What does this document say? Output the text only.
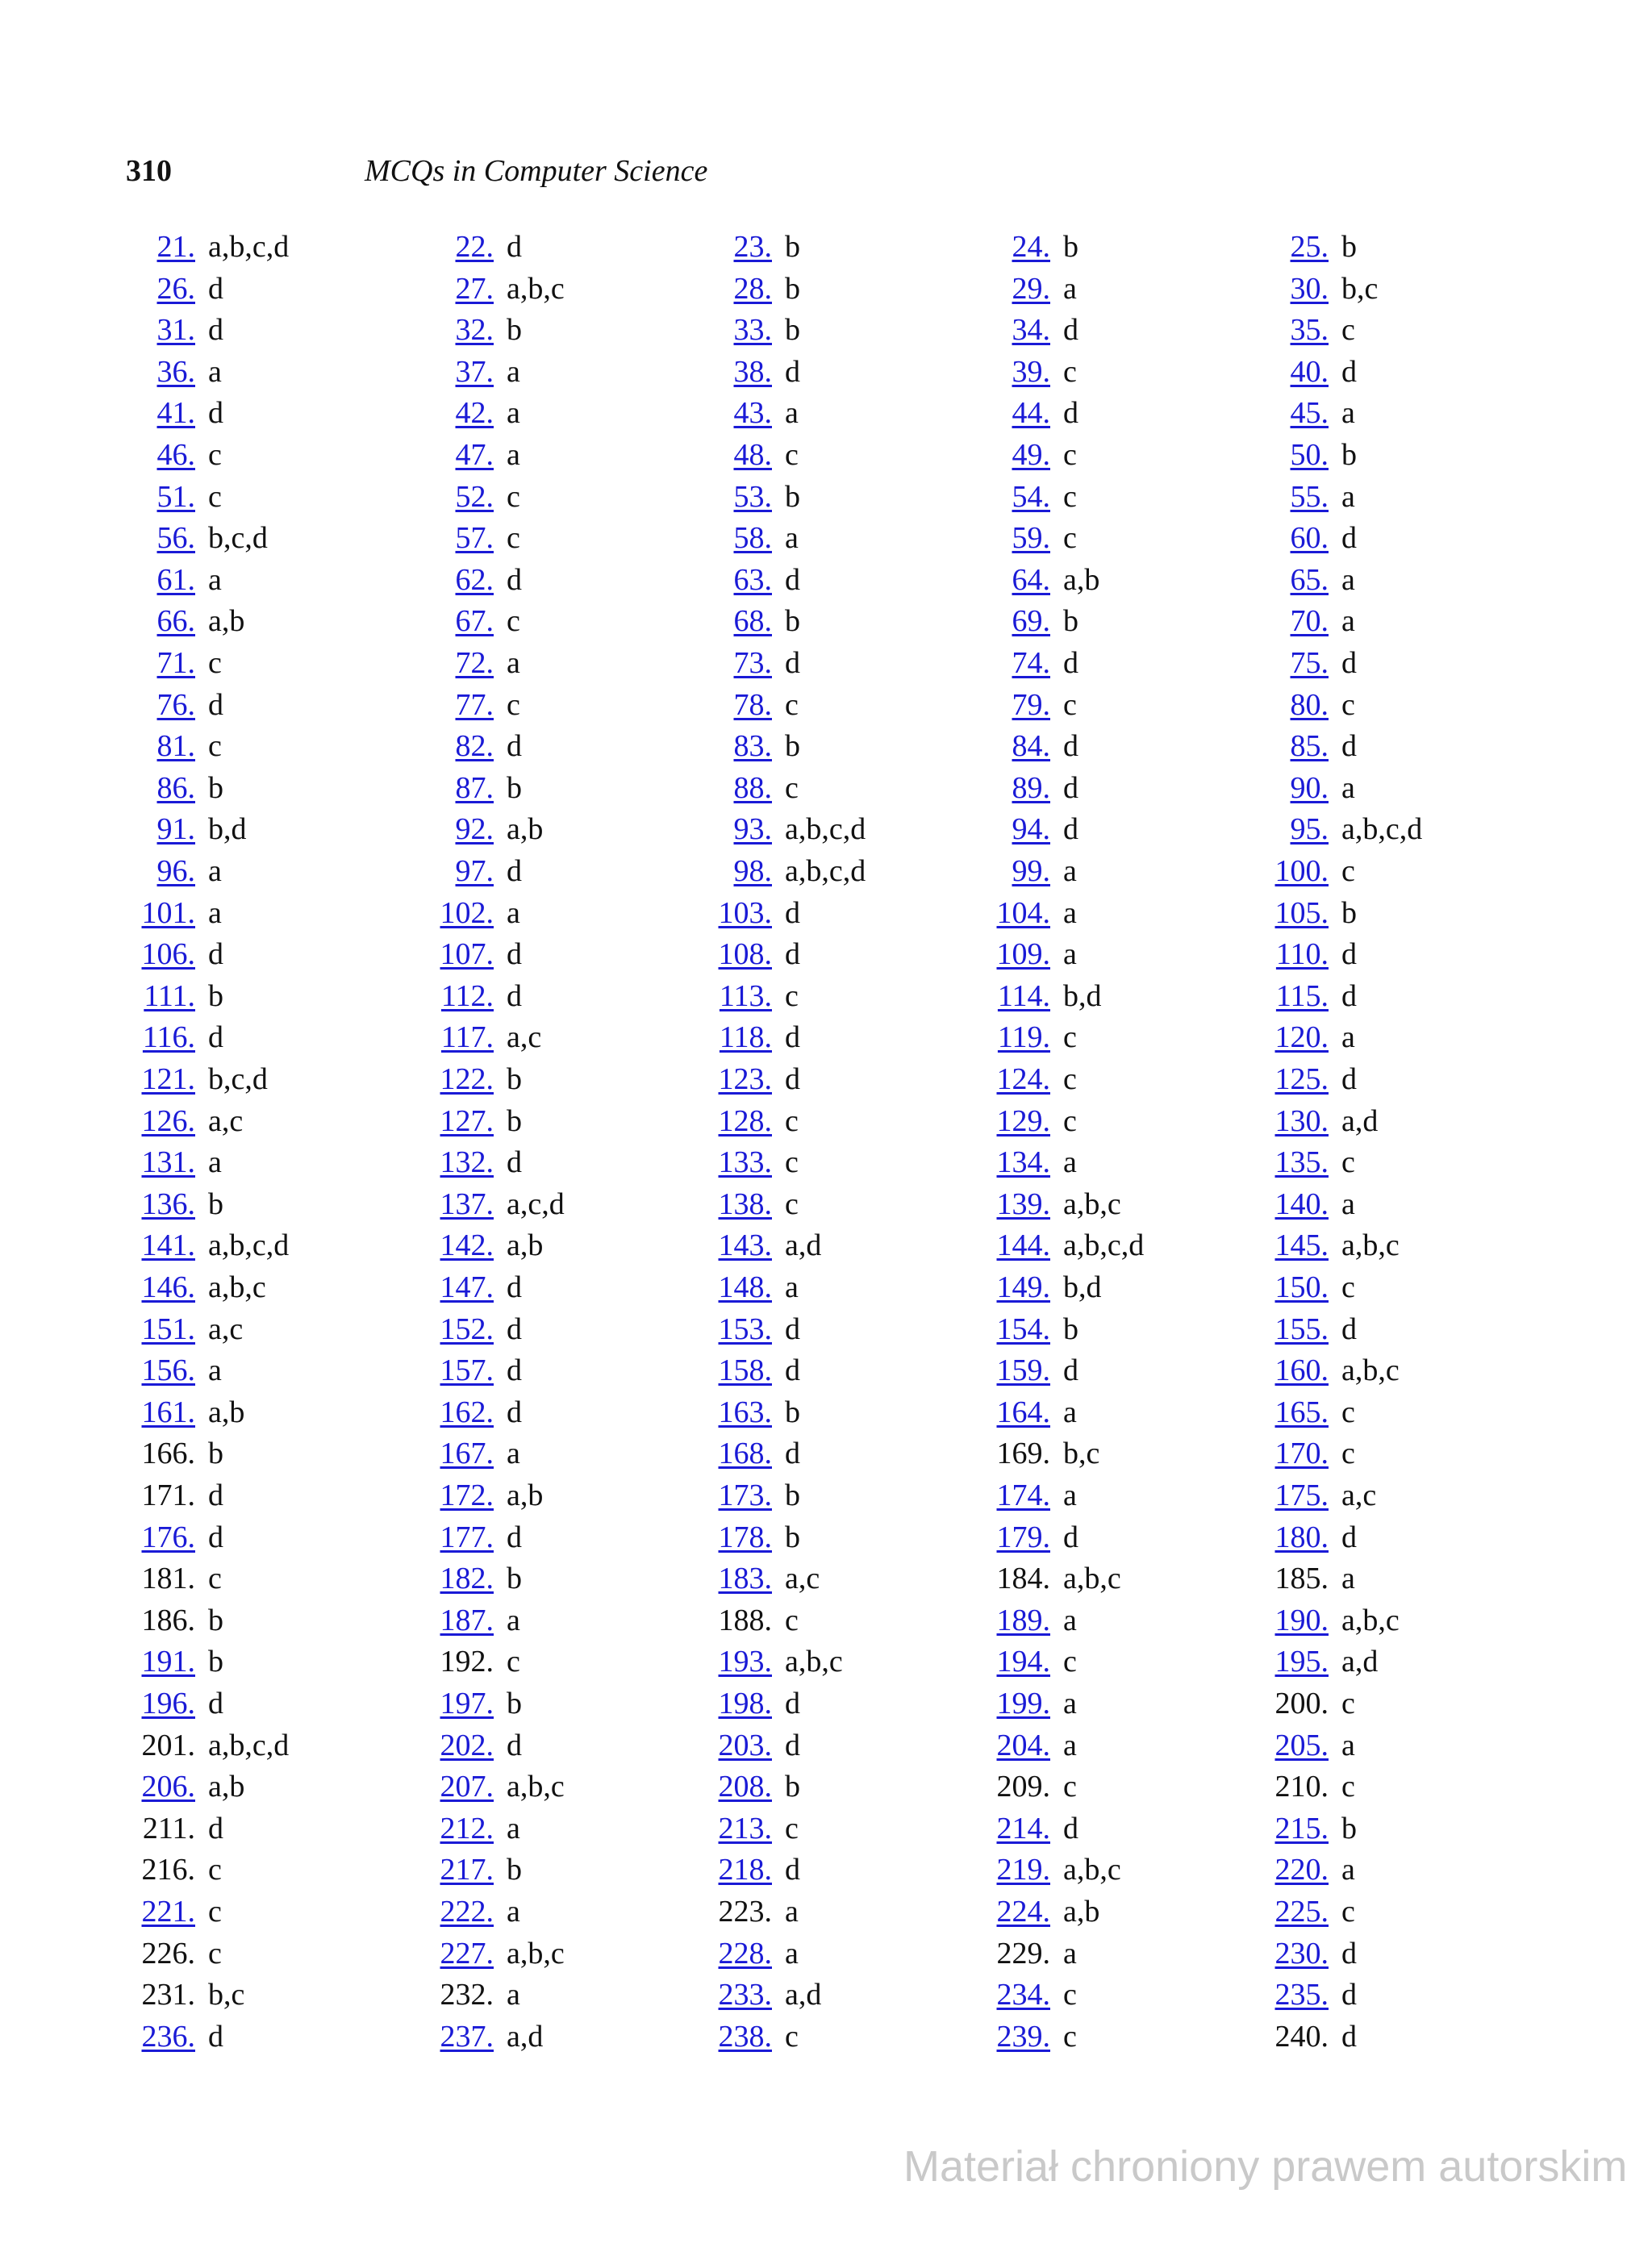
310	MCQs in Computer Science
21. a,b,c,d	22. d	23. b	24. b	25. b
26. d	27. a,b,c	28. b	29. a	30. b,c
31. d	32. b	33. b	34. d	35. c
36. a	37. a	38. d	39. c	40. d
41. d	42. a	43. a	44. d	45. a
46. c	47. a	48. c	49. c	50. b
51. c	52. c	53. b	54. c	55. a
56. b,c,d	57. c	58. a	59. c	60. d
61. a	62. d	63. d	64. a,b	65. a
66. a,b	67. c	68. b	69. b	70. a
71. c	72. a	73. d	74. d	75. d
76. d	77. c	78. c	79. c	80. c
81. c	82. d	83. b	84. d	85. d
86. b	87. b	88. c	89. d	90. a
91. b,d	92. a,b	93. a,b,c,d	94. d	95. a,b,c,d
96. a	97. d	98. a,b,c,d	99. a	100. c
101. a	102. a	103. d	104. a	105. b
106. d	107. d	108. d	109. a	110. d
111. b	112. d	113. c	114. b,d	115. d
116. d	117. a,c	118. d	119. c	120. a
121. b,c,d	122. b	123. d	124. c	125. d
126. a,c	127. b	128. c	129. c	130. a,d
131. a	132. d	133. c	134. a	135. c
136. b	137. a,c,d	138. c	139. a,b,c	140. a
141. a,b,c,d	142. a,b	143. a,d	144. a,b,c,d	145. a,b,c
146. a,b,c	147. d	148. a	149. b,d	150. c
151. a,c	152. d	153. d	154. b	155. d
156. a	157. d	158. d	159. d	160. a,b,c
161. a,b	162. d	163. b	164. a	165. c
166. b	167. a	168. d	169. b,c	170. c
171. d	172. a,b	173. b	174. a	175. a,c
176. d	177. d	178. b	179. d	180. d
181. c	182. b	183. a,c	184. a,b,c	185. a
186. b	187. a	188. c	189. a	190. a,b,c
191. b	192. c	193. a,b,c	194. c	195. a,d
196. d	197. b	198. d	199. a	200. c
201. a,b,c,d	202. d	203. d	204. a	205. a
206. a,b	207. a,b,c	208. b	209. c	210. c
211. d	212. a	213. c	214. d	215. b
216. c	217. b	218. d	219. a,b,c	220. a
221. c	222. a	223. a	224. a,b	225. c
226. c	227. a,b,c	228. a	229. a	230. d
231. b,c	232. a	233. a,d	234. c	235. d
236. d	237. a,d	238. c	239. c	240. d
Materiał chroniony prawem autorskim
